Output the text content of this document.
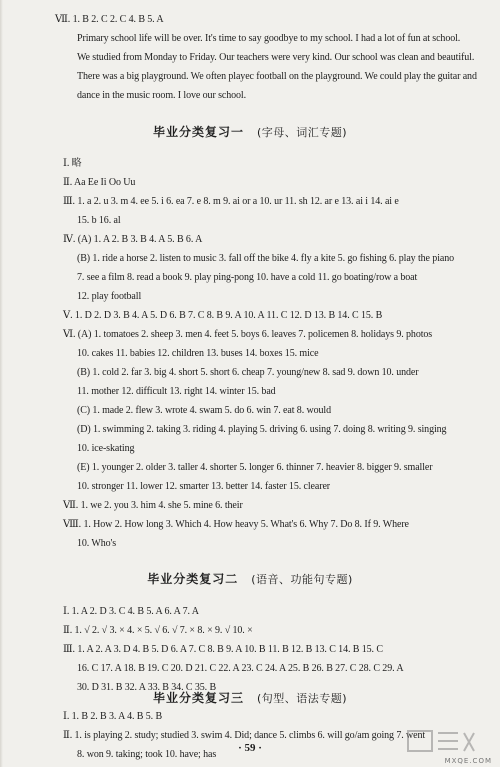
Ⅶ. 1. B 2. C 2. C 4. B 5. A
Primary school life will be over. It's time to say goodbye to my school. I had a lot of fun at school.
We studied from Monday to Friday. Our teachers were very kind. Our school was clean and beautiful.
There was a big playground. We often playec football on the playground. We could play the guitar and
dance in the music room. I love our school.
Ⅰ. 略
Ⅱ. Aa Ee Ii Oo Uu
Ⅲ. 1. a 2. u 3. m 4. ee 5. i 6. ea 7. e 8. m 9. ai or a 10. ur 11. sh 12. ar e 13. ai i 14. ai e
15. b 16. al
Ⅳ. (A) 1. A 2. B 3. B 4. A 5. B 6. A
(B) 1. ride a horse 2. listen to music 3. fall off the bike 4. fly a kite 5. go fishing 6. play the piano
7. see a film 8. read a book 9. play ping-pong 10. have a cold 11. go boating/row a boat
12. play football
Ⅴ. 1. D 2. D 3. B 4. A 5. D 6. B 7. C 8. B 9. A 10. A 11. C 12. D 13. B 14. C 15. B
Ⅵ. (A) 1. tomatoes 2. sheep 3. men 4. feet 5. boys 6. leaves 7. policemen 8. holidays 9. photos
10. cakes 11. babies 12. children 13. buses 14. boxes 15. mice
(B) 1. cold 2. far 3. big 4. short 5. short 6. cheap 7. young/new 8. sad 9. down 10. under
11. mother 12. difficult 13. right 14. winter 15. bad
(C) 1. made 2. flew 3. wrote 4. swam 5. do 6. win 7. eat 8. would
(D) 1. swimming 2. taking 3. riding 4. playing 5. driving 6. using 7. doing 8. writing 9. singing
10. ice-skating
(E) 1. younger 2. older 3. taller 4. shorter 5. longer 6. thinner 7. heavier 8. bigger 9. smaller
10. stronger 11. lower 12. smarter 13. better 14. faster 15. clearer
Ⅶ. 1. we 2. you 3. him 4. she 5. mine 6. their
Ⅷ. 1. How 2. How long 3. Which 4. How heavy 5. What's 6. Why 7. Do 8. If 9. Where
10. Who's
Ⅰ. 1. A 2. D 3. C 4. B 5. A 6. A 7. A
Ⅱ. 1. √ 2. √ 3. × 4. × 5. √ 6. √ 7. × 8. × 9. √ 10. ×
Ⅲ. 1. A 2. A 3. D 4. B 5. D 6. A 7. C 8. B 9. A 10. B 11. B 12. B 13. C 14. B 15. C
16. C 17. A 18. B 19. C 20. D 21. C 22. A 23. C 24. A 25. B 26. B 27. C 28. C 29. A
30. D 31. B 32. A 33. B 34. C 35. B
Ⅰ. 1. B 2. B 3. A 4. B 5. B
Ⅱ. 1. is playing 2. study; studied 3. swim 4. Did; dance 5. climbs 6. will go/am going 7. went
8. won 9. taking; took 10. have; has
毕业分类复习一  (字母、词汇专题)
毕业分类复习二  (语音、功能句专题)
毕业分类复习三  (句型、语法专题)
· 59 ·
MXQE.COM
